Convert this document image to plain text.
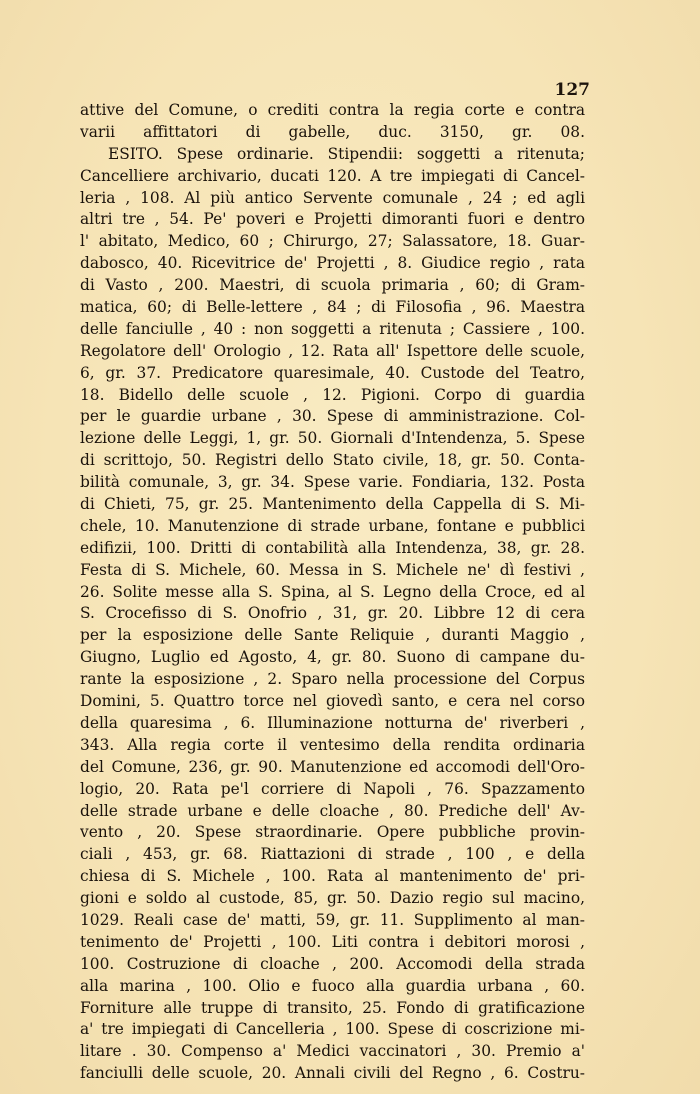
127
attive del Comune, o crediti contra la regia corte e contra
varii affittatori di gabelle, duc. 3150, gr. 08.
ESITO. Spese ordinarie. Stipendii: soggetti a ritenuta;
Cancelliere archivario, ducati 120. A tre impiegati di Cancel-
leria , 108. Al più antico Servente comunale , 24 ; ed agli
altri tre , 54. Pe' poveri e Projetti dimoranti fuori e dentro
l' abitato, Medico, 60 ; Chirurgo, 27; Salassatore, 18. Guar-
dabosco, 40. Ricevitrice de' Projetti , 8. Giudice regio , rata
di Vasto , 200. Maestri, di scuola primaria , 60; di Gram-
matica, 60; di Belle-lettere , 84 ; di Filosofia , 96. Maestra
delle fanciulle , 40 : non soggetti a ritenuta ; Cassiere , 100.
Regolatore dell' Orologio , 12. Rata all' Ispettore delle scuole,
6, gr. 37. Predicatore quaresimale, 40. Custode del Teatro,
18. Bidello delle scuole , 12. Pigioni. Corpo di guardia
per le guardie urbane , 30. Spese di amministrazione. Col-
lezione delle Leggi, 1, gr. 50. Giornali d'Intendenza, 5. Spese
di scrittojo, 50. Registri dello Stato civile, 18, gr. 50. Conta-
bilità comunale, 3, gr. 34. Spese varie. Fondiaria, 132. Posta
di Chieti, 75, gr. 25. Mantenimento della Cappella di S. Mi-
chele, 10. Manutenzione di strade urbane, fontane e pubblici
edifizii, 100. Dritti di contabilità alla Intendenza, 38, gr. 28.
Festa di S. Michele, 60. Messa in S. Michele ne' dì festivi ,
26. Solite messe alla S. Spina, al S. Legno della Croce, ed al
S. Crocefisso di S. Onofrio , 31, gr. 20. Libbre 12 di cera
per la esposizione delle Sante Reliquie , duranti Maggio ,
Giugno, Luglio ed Agosto, 4, gr. 80. Suono di campane du-
rante la esposizione , 2. Sparo nella processione del Corpus
Domini, 5. Quattro torce nel giovedì santo, e cera nel corso
della quaresima , 6. Illuminazione notturna de' riverberi ,
343. Alla regia corte il ventesimo della rendita ordinaria
del Comune, 236, gr. 90. Manutenzione ed accomodi dell'Oro-
logio, 20. Rata pe'l corriere di Napoli , 76. Spazzamento
delle strade urbane e delle cloache , 80. Prediche dell' Av-
vento , 20. Spese straordinarie. Opere pubbliche provin-
ciali , 453, gr. 68. Riattazioni di strade , 100 , e della
chiesa di S. Michele , 100. Rata al mantenimento de' pri-
gioni e soldo al custode, 85, gr. 50. Dazio regio sul macino,
1029. Reali case de' matti, 59, gr. 11. Supplimento al man-
tenimento de' Projetti , 100. Liti contra i debitori morosi ,
100. Costruzione di cloache , 200. Accomodi della strada
alla marina , 100. Olio e fuoco alla guardia urbana , 60.
Forniture alle truppe di transito, 25. Fondo di gratificazione
a' tre impiegati di Cancelleria , 100. Spese di coscrizione mi-
litare . 30. Compenso a' Medici vaccinatori , 30. Premio a'
fanciulli delle scuole, 20. Annali civili del Regno , 6. Costru-
